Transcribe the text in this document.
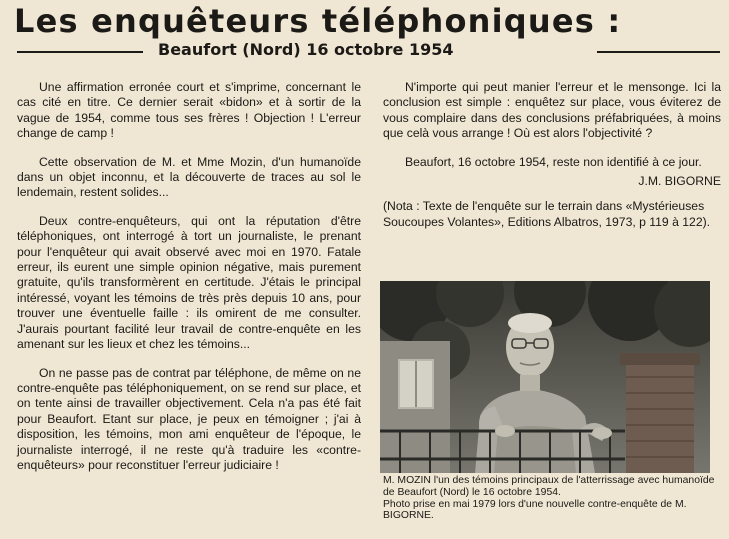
Les enquêteurs téléphoniques :
Beaufort (Nord) 16 octobre 1954

Une affirmation erronée court et s'imprime, concernant le cas cité en titre. Ce dernier serait «bidon» et à sortir de la vague de 1954, comme tous ses frères ! Objection ! L'erreur change de camp !

Cette observation de M. et Mme Mozin, d'un humanoïde dans un objet inconnu, et la découverte de traces au sol le lendemain, restent solides...

Deux contre-enquêteurs, qui ont la réputation d'être téléphoniques, ont interrogé à tort un journaliste, le prenant pour l'enquêteur qui avait observé avec moi en 1970. Fatale erreur, ils eurent une simple opinion négative, mais purement gratuite, qu'ils transformèrent en certitude. J'étais le principal intéressé, voyant les témoins de très près depuis 10 ans, pour trouver une éventuelle faille : ils omirent de me consulter. J'aurais pourtant facilité leur travail de contre-enquête en les amenant sur les lieux et chez les témoins...

On ne passe pas de contrat par téléphone, de même on ne contre-enquête pas téléphoniquement, on se rend sur place, et on tente ainsi de travailler objectivement. Cela n'a pas été fait pour Beaufort. Etant sur place, je peux en témoigner ; j'ai à disposition, les témoins, mon ami enquêteur de l'époque, le journaliste interrogé, il ne reste qu'à traduire les «contre-enquêteurs» pour reconstituer l'erreur judiciaire !

N'importe qui peut manier l'erreur et le mensonge. Ici la conclusion est simple : enquêtez sur place, vous éviterez de vous complaire dans des conclusions préfabriquées, à moins que celà vous arrange ! Où est alors l'objectivité ?

Beaufort, 16 octobre 1954, reste non identifié à ce jour.

J.M. BIGORNE

(Nota : Texte de l'enquête sur le terrain dans «Mystérieuses Soucoupes Volantes», Editions Albatros, 1973, p 119 à 122).

M. MOZIN l'un des témoins principaux de l'atterrissage avec humanoïde de Beaufort (Nord) le 16 octobre 1954.
Photo prise en mai 1979 lors d'une nouvelle contre-enquête de M. BIGORNE.
